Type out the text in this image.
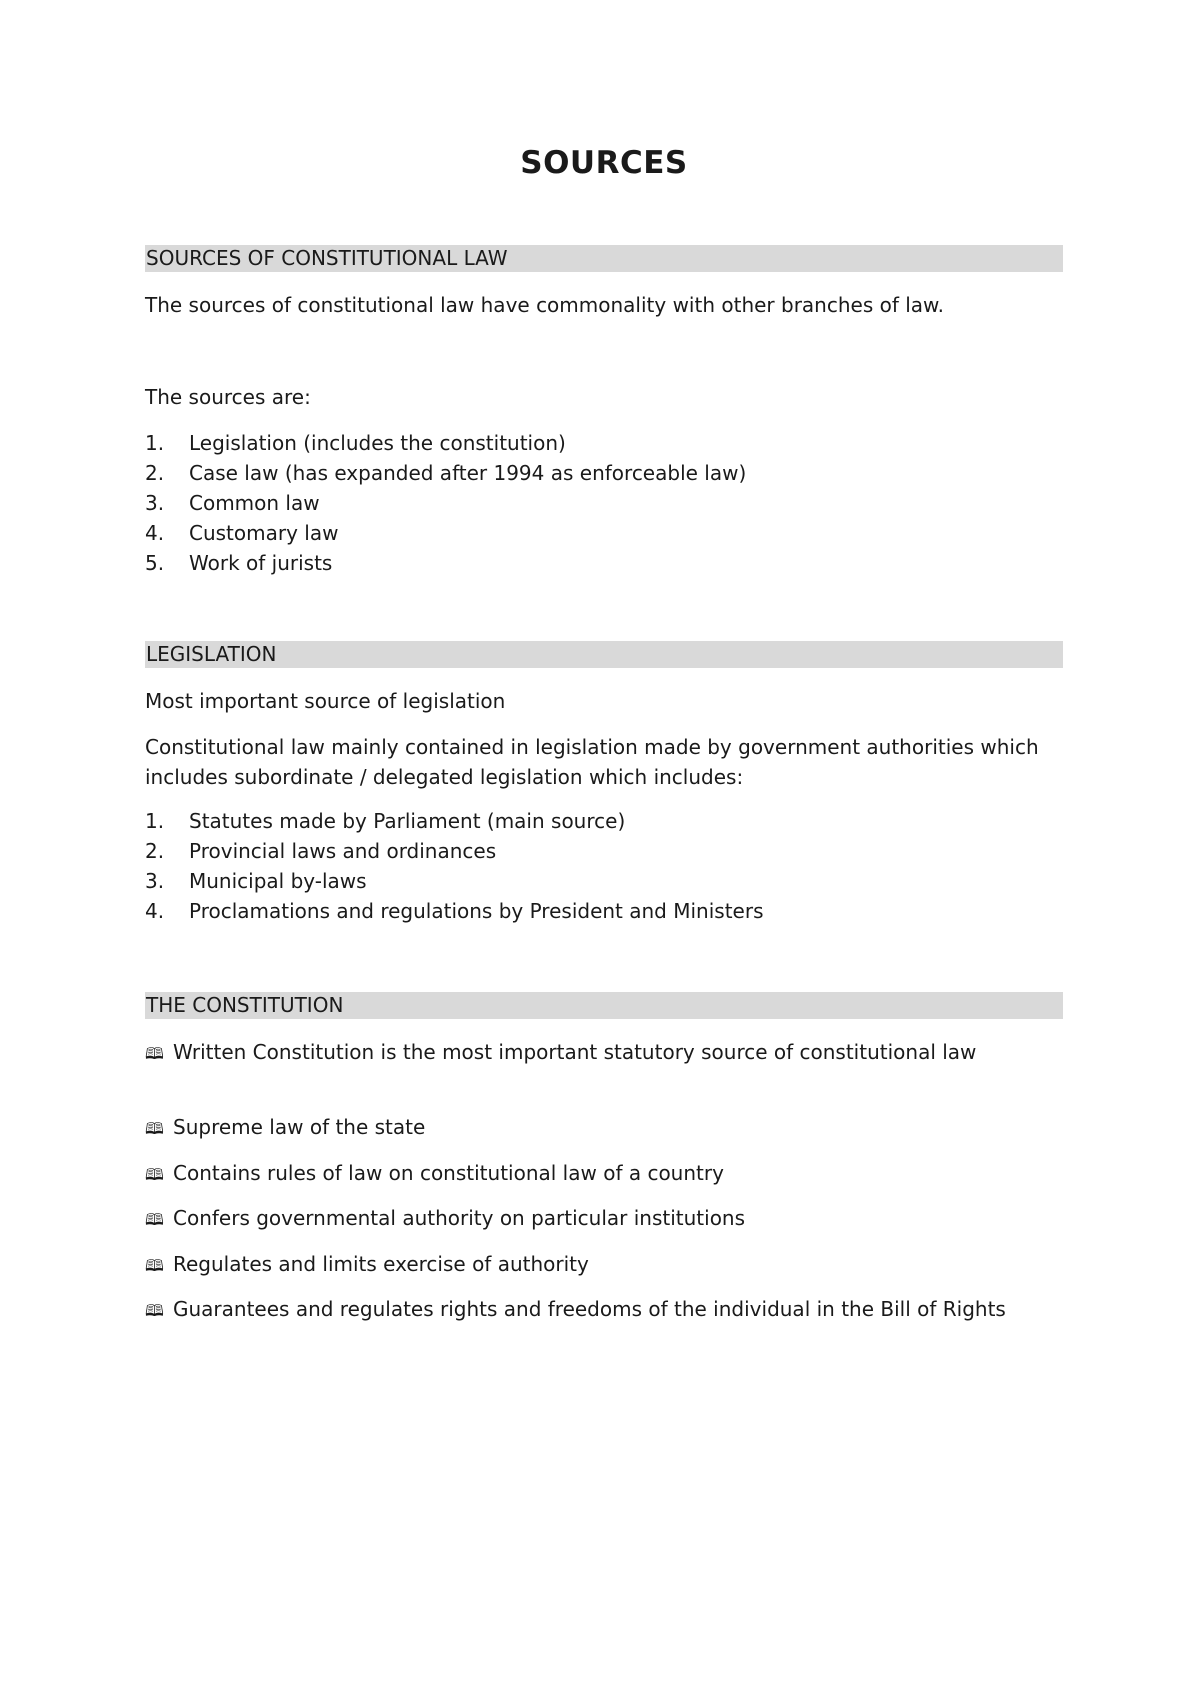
SOURCES
SOURCES OF CONSTITUTIONAL LAW
The sources of constitutional law have commonality with other branches of law.
The sources are:
1. Legislation (includes the constitution)
2. Case law (has expanded after 1994 as enforceable law)
3. Common law
4. Customary law
5. Work of jurists
LEGISLATION
Most important source of legislation
Constitutional law mainly contained in legislation made by government authorities which includes subordinate / delegated legislation which includes:
1. Statutes made by Parliament (main source)
2. Provincial laws and ordinances
3. Municipal by-laws
4. Proclamations and regulations by President and Ministers
THE CONSTITUTION
🕮 Written Constitution is the most important statutory source of constitutional law
🕮 Supreme law of the state
🕮 Contains rules of law on constitutional law of a country
🕮 Confers governmental authority on particular institutions
🕮 Regulates and limits exercise of authority
🕮 Guarantees and regulates rights and freedoms of the individual in the Bill of Rights
